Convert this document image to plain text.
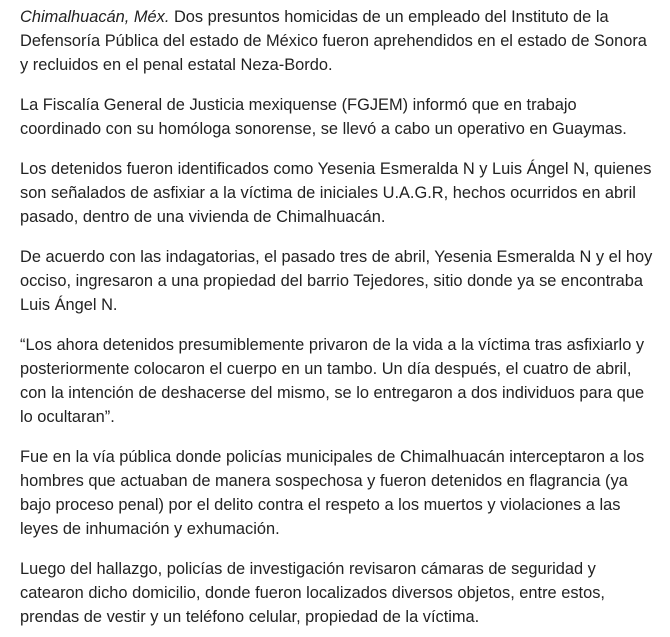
Chimalhuacán, Méx. Dos presuntos homicidas de un empleado del Instituto de la Defensoría Pública del estado de México fueron aprehendidos en el estado de Sonora y recluidos en el penal estatal Neza-Bordo.

La Fiscalía General de Justicia mexiquense (FGJEM) informó que en trabajo coordinado con su homóloga sonorense, se llevó a cabo un operativo en Guaymas.

Los detenidos fueron identificados como Yesenia Esmeralda N y Luis Ángel N, quienes son señalados de asfixiar a la víctima de iniciales U.A.G.R, hechos ocurridos en abril pasado, dentro de una vivienda de Chimalhuacán.

De acuerdo con las indagatorias, el pasado tres de abril, Yesenia Esmeralda N y el hoy occiso, ingresaron a una propiedad del barrio Tejedores, sitio donde ya se encontraba Luis Ángel N.

“Los ahora detenidos presumiblemente privaron de la vida a la víctima tras asfixiarlo y posteriormente colocaron el cuerpo en un tambo. Un día después, el cuatro de abril, con la intención de deshacerse del mismo, se lo entregaron a dos individuos para que lo ocultaran”.

Fue en la vía pública donde policías municipales de Chimalhuacán interceptaron a los hombres que actuaban de manera sospechosa y fueron detenidos en flagrancia (ya bajo proceso penal) por el delito contra el respeto a los muertos y violaciones a las leyes de inhumación y exhumación.

Luego del hallazgo, policías de investigación revisaron cámaras de seguridad y catearon dicho domicilio, donde fueron localizados diversos objetos, entre estos, prendas de vestir y un teléfono celular, propiedad de la víctima.
